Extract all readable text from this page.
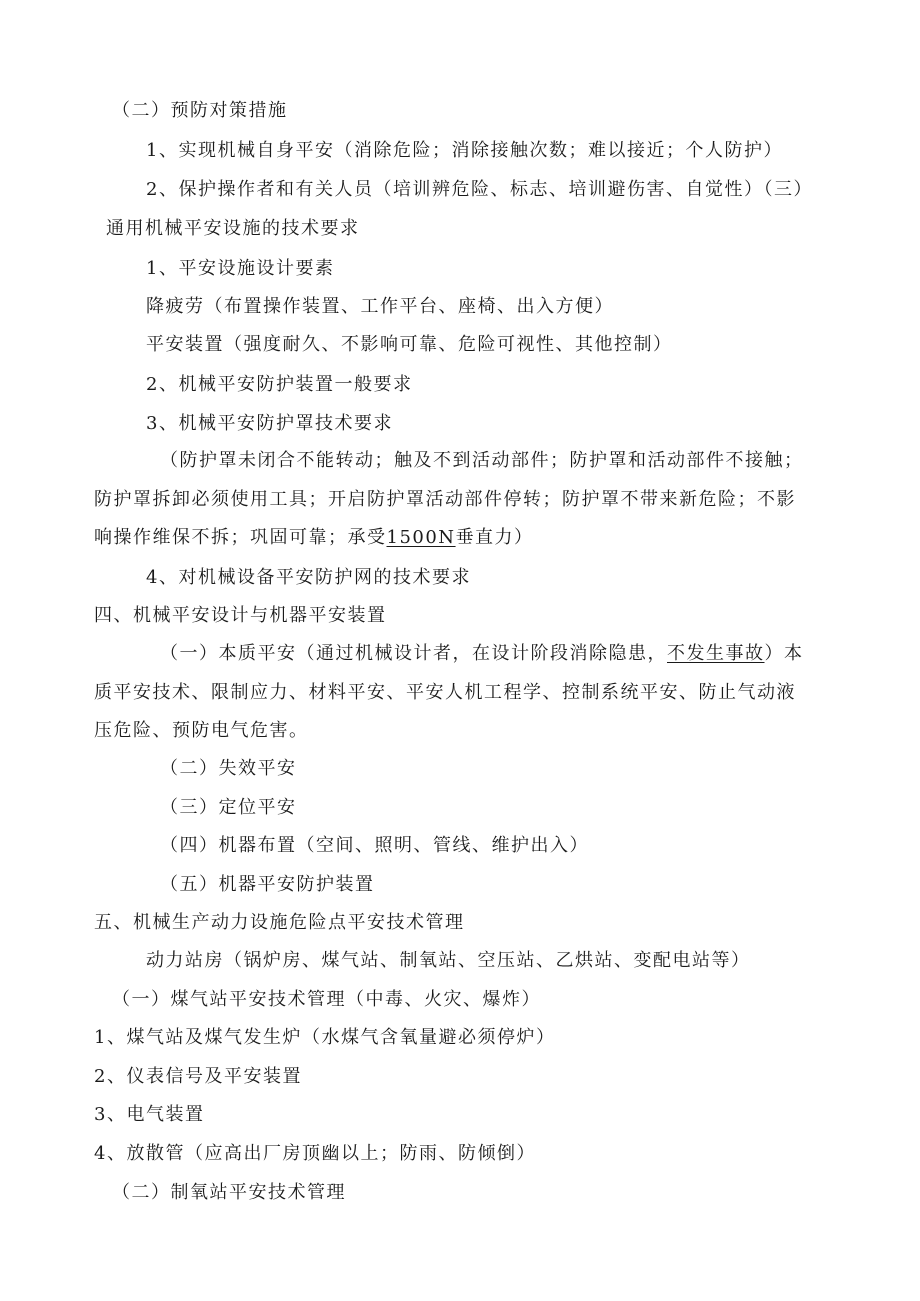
（二）预防对策措施
1、实现机械自身平安（消除危险；消除接触次数；难以接近；个人防护）
2、保护操作者和有关人员（培训辨危险、标志、培训避伤害、自觉性）（三）
通用机械平安设施的技术要求
1、平安设施设计要素
降疲劳（布置操作装置、工作平台、座椅、出入方便）
平安装置（强度耐久、不影响可靠、危险可视性、其他控制）
2、机械平安防护装置一般要求
3、机械平安防护罩技术要求
（防护罩未闭合不能转动；触及不到活动部件；防护罩和活动部件不接触；
防护罩拆卸必须使用工具；开启防护罩活动部件停转；防护罩不带来新危险；不影
响操作维保不拆；巩固可靠；承受1500N垂直力）
4、对机械设备平安防护网的技术要求
四、机械平安设计与机器平安装置
（一）本质平安（通过机械设计者，在设计阶段消除隐患，不发生事故）本
质平安技术、限制应力、材料平安、平安人机工程学、控制系统平安、防止气动液
压危险、预防电气危害。
（二）失效平安
（三）定位平安
（四）机器布置（空间、照明、管线、维护出入）
（五）机器平安防护装置
五、机械生产动力设施危险点平安技术管理
动力站房（锅炉房、煤气站、制氧站、空压站、乙烘站、变配电站等）
（一）煤气站平安技术管理（中毒、火灾、爆炸）
1、煤气站及煤气发生炉（水煤气含氧量避必须停炉）
2、仪表信号及平安装置
3、电气装置
4、放散管（应高出厂房顶幽以上；防雨、防倾倒）
（二）制氧站平安技术管理
